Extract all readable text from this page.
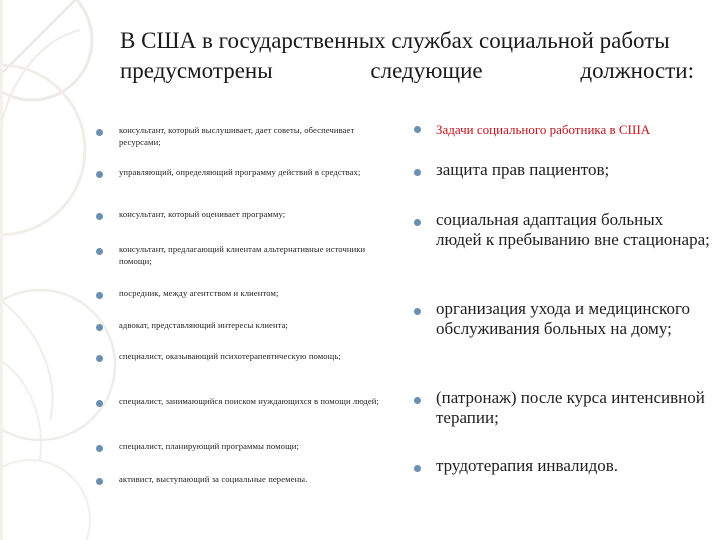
В США в государственных службах социальной работы
предусмотрены	следующие	должности:
консультант, который выслушивает, дает советы, обеспечивает ресурсами;
управляющий, определяющий программу действий в средствах;
консультант, который оценивает программу;
консультант, предлагающий клиентам альтернативные источники помощи;
посредник, между агентством и клиентом;
адвокат, представляющий интересы клиента;
специалист, оказывающий психотерапевтическую помощь;
специалист, занимающийся поиском нуждающихся в помощи людей;
специалист, планирующий программы помощи;
активист, выступающий за социальные перемены.
Задачи социального работника в США
защита прав пациентов;
социальная адаптация больных людей к пребыванию вне стационара;
организация ухода и медицинского обслуживания больных на дому;
(патронаж) после курса интенсивной терапии;
трудотерапия инвалидов.
